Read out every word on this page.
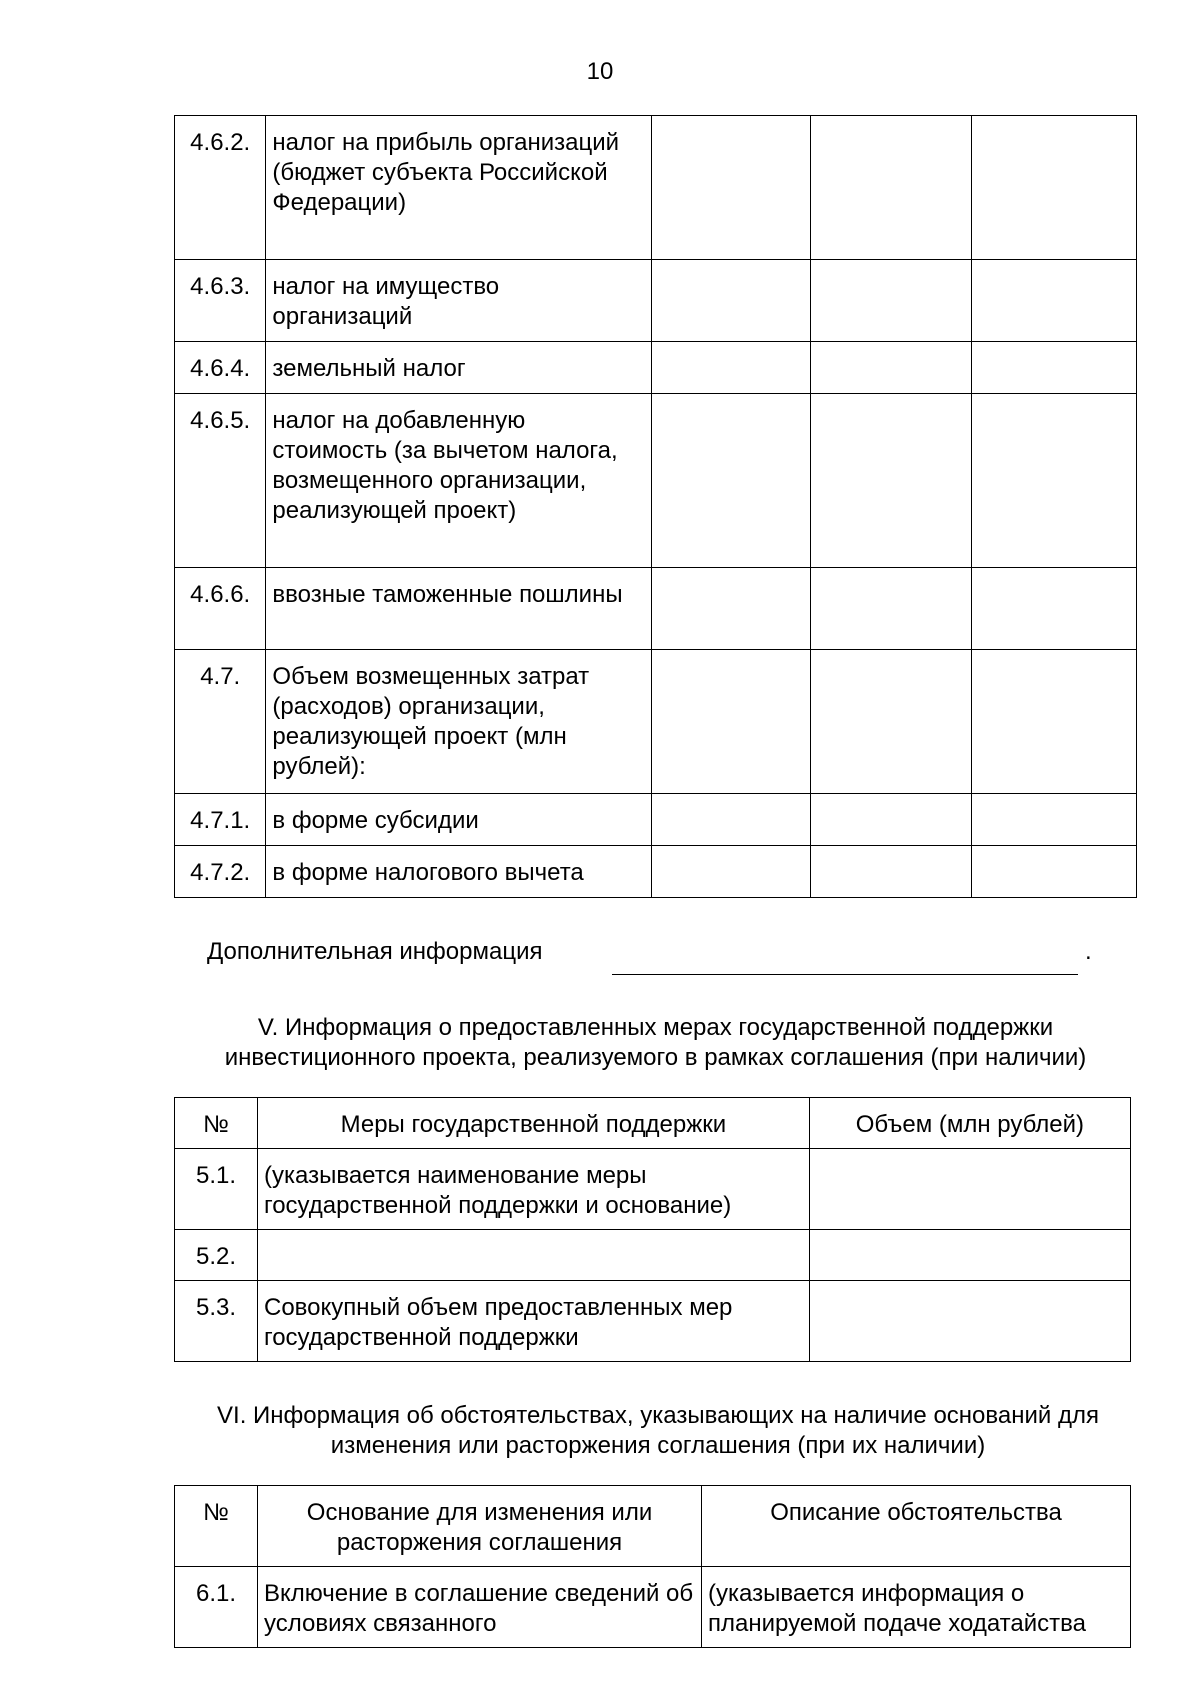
10
4.6.2.	налог на прибыль организаций (бюджет субъекта Российской Федерации)			
4.6.3.	налог на имущество организаций			
4.6.4.	земельный налог			
4.6.5.	налог на добавленную стоимость (за вычетом налога, возмещенного организации, реализующей проект)			
4.6.6.	ввозные таможенные пошлины			
4.7.	Объем возмещенных затрат (расходов) организации, реализующей проект (млн рублей):			
4.7.1.	в форме субсидии			
4.7.2.	в форме налогового вычета			
Дополнительная информация	.
V. Информация о предоставленных мерах государственной поддержки инвестиционного проекта, реализуемого в рамках соглашения (при наличии)
№	Меры государственной поддержки	Объем (млн рублей)
5.1.	(указывается наименование меры государственной поддержки и основание)	
5.2.		
5.3.	Совокупный объем предоставленных мер государственной поддержки	
VI. Информация об обстоятельствах, указывающих на наличие оснований для изменения или расторжения соглашения (при их наличии)
№	Основание для изменения или расторжения соглашения	Описание обстоятельства
6.1.	Включение в соглашение сведений об условиях связанного	(указывается информация о планируемой подаче ходатайства
